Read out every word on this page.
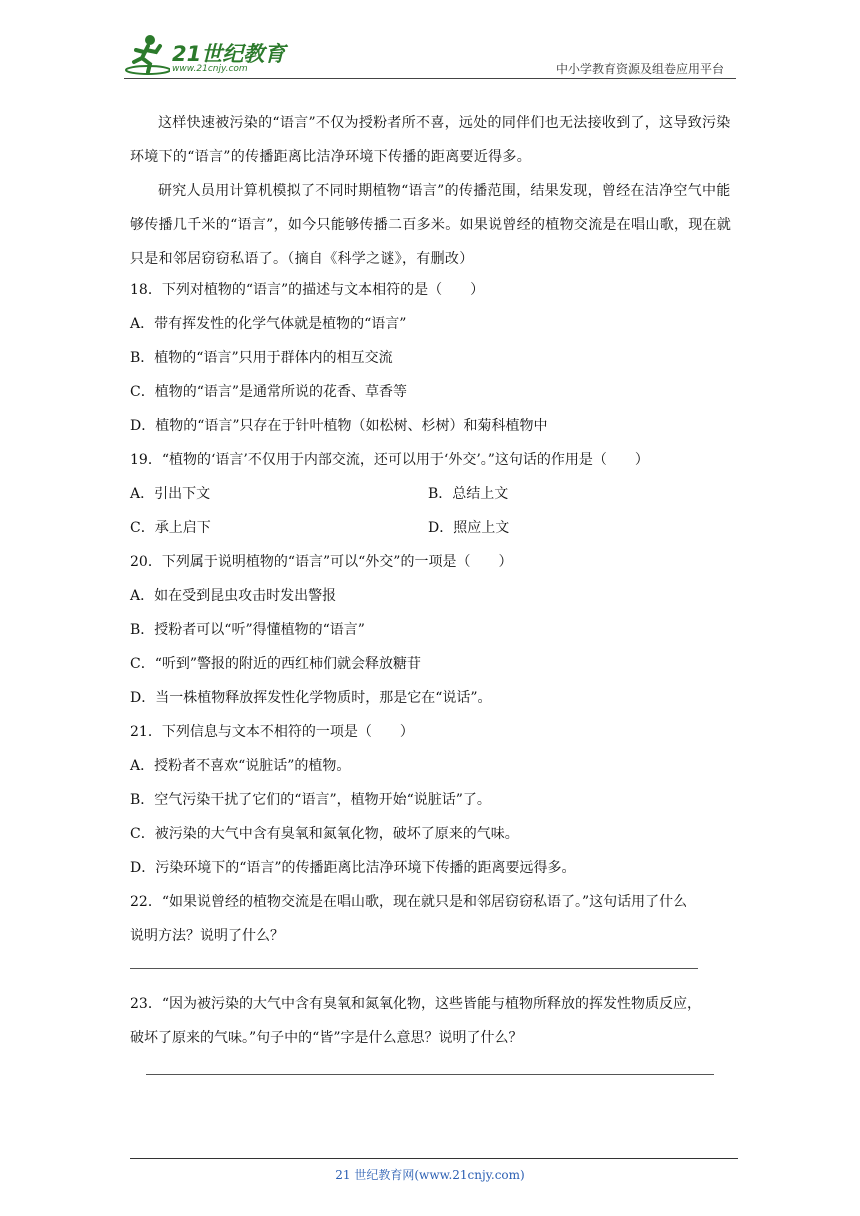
21世纪教育
www.21cnjy.com	中小学教育资源及组卷应用平台

这样快速被污染的“语言”不仅为授粉者所不喜，远处的同伴们也无法接收到了，这导致污染环境下的“语言”的传播距离比洁净环境下传播的距离要近得多。

研究人员用计算机模拟了不同时期植物“语言”的传播范围，结果发现，曾经在洁净空气中能够传播几千米的“语言”，如今只能够传播二百多米。如果说曾经的植物交流是在唱山歌，现在就只是和邻居窃窃私语了。（摘自《科学之谜》，有删改）

18．下列对植物的“语言”的描述与文本相符的是（　　）
A．带有挥发性的化学气体就是植物的“语言”
B．植物的“语言”只用于群体内的相互交流
C．植物的“语言”是通常所说的花香、草香等
D．植物的“语言”只存在于针叶植物（如松树、杉树）和菊科植物中
19．“植物的‘语言’不仅用于内部交流，还可以用于‘外交’。”这句话的作用是（　　）
A．引出下文	B．总结上文
C．承上启下	D．照应上文
20．下列属于说明植物的“语言”可以“外交”的一项是（　　）
A．如在受到昆虫攻击时发出警报
B．授粉者可以“听”得懂植物的“语言”
C．“听到”警报的附近的西红柿们就会释放糖苷
D．当一株植物释放挥发性化学物质时，那是它在“说话”。
21．下列信息与文本不相符的一项是（　　）
A．授粉者不喜欢“说脏话”的植物。
B．空气污染干扰了它们的“语言”，植物开始“说脏话”了。
C．被污染的大气中含有臭氧和氮氧化物，破坏了原来的气味。
D．污染环境下的“语言”的传播距离比洁净环境下传播的距离要远得多。
22．“如果说曾经的植物交流是在唱山歌，现在就只是和邻居窃窃私语了。”这句话用了什么
说明方法？说明了什么？
23．“因为被污染的大气中含有臭氧和氮氧化物，这些皆能与植物所释放的挥发性物质反应，
破坏了原来的气味。”句子中的“皆”字是什么意思？说明了什么？
21 世纪教育网(www.21cnjy.com)
